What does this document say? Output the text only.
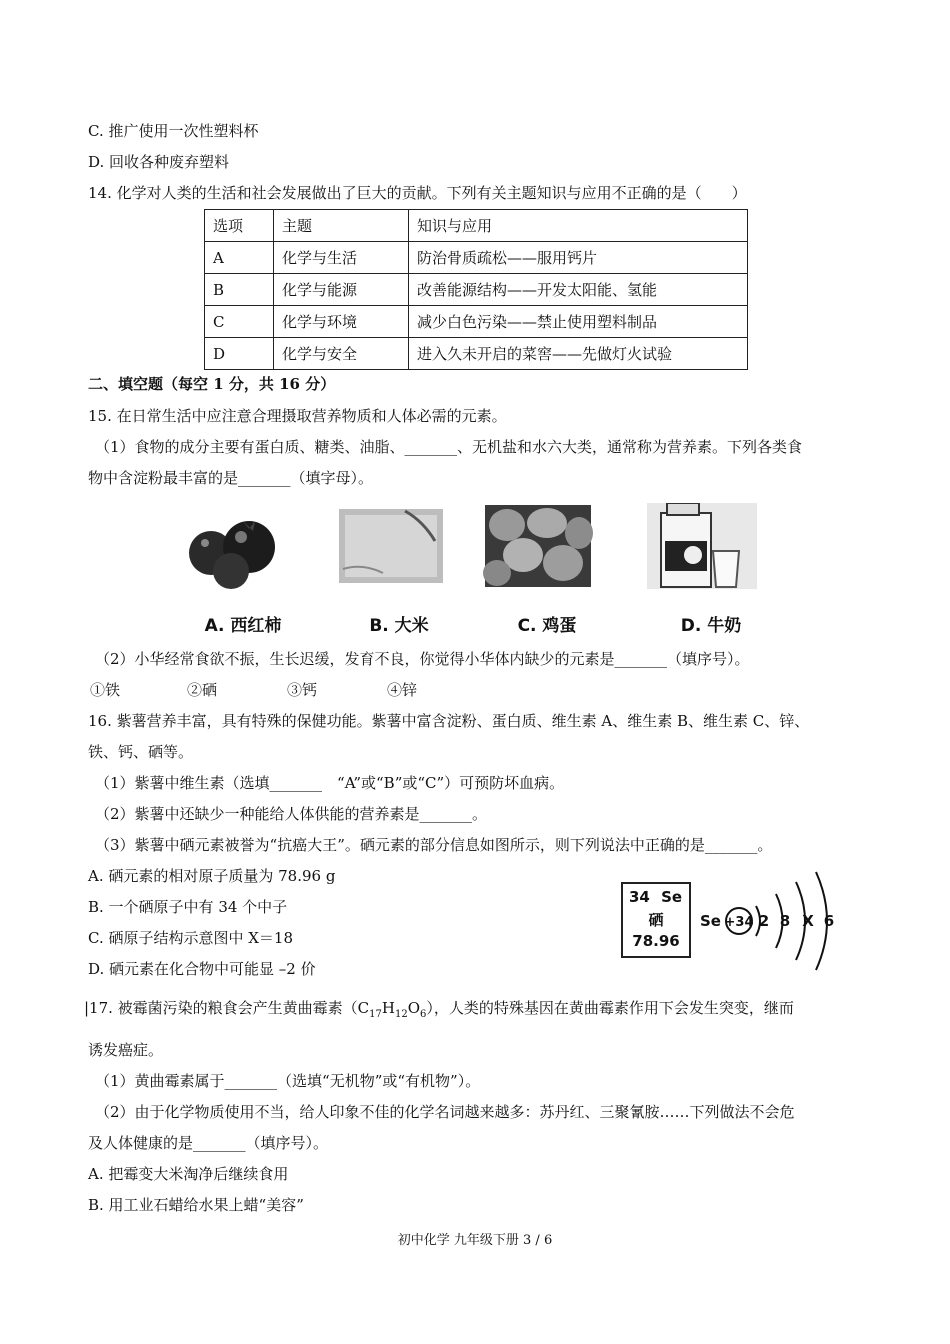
C. 推广使用一次性塑料杯
D. 回收各种废弃塑料
14. 化学对人类的生活和社会发展做出了巨大的贡献。下列有关主题知识与应用不正确的是（　　）
选项	主题	知识与应用
A	化学与生活	防治骨质疏松——服用钙片
B	化学与能源	改善能源结构——开发太阳能、氢能
C	化学与环境	减少白色污染——禁止使用塑料制品
D	化学与安全	进入久未开启的菜窖——先做灯火试验
二、填空题（每空 1 分，共 16 分）
15. 在日常生活中应注意合理摄取营养物质和人体必需的元素。
（1）食物的成分主要有蛋白质、糖类、油脂、_______、无机盐和水六大类，通常称为营养素。下列各类食
物中含淀粉最丰富的是_______（填字母）。
A. 西红柿	B. 大米	C. 鸡蛋	D. 牛奶
（2）小华经常食欲不振，生长迟缓，发育不良，你觉得小华体内缺少的元素是_______（填序号）。
①铁	②硒	③钙	④锌
16. 紫薯营养丰富，具有特殊的保健功能。紫薯中富含淀粉、蛋白质、维生素 A、维生素 B、维生素 C、锌、
铁、钙、硒等。
（1）紫薯中维生素（选填_______　“A”或“B”或“C”）可预防坏血病。
（2）紫薯中还缺少一种能给人体供能的营养素是_______。
（3）紫薯中硒元素被誉为“抗癌大王”。硒元素的部分信息如图所示，则下列说法中正确的是_______。
A. 硒元素的相对原子质量为 78.96 g
B. 一个硒原子中有 34 个中子
C. 硒原子结构示意图中 X＝18
D. 硒元素在化合物中可能显 –2 价
34 Se
硒
78.96
Se +34 2 8 X 6
|17. 被霉菌污染的粮食会产生黄曲霉素$(C_{17}H_{12}O_6)$，人类的特殊基因在黄曲霉素作用下会发生突变，继而
诱发癌症。
（1）黄曲霉素属于_______（选填“无机物”或“有机物”）。
（2）由于化学物质使用不当，给人印象不佳的化学名词越来越多：苏丹红、三聚氰胺……下列做法不会危
及人体健康的是_______（填序号）。
A. 把霉变大米淘净后继续食用
B. 用工业石蜡给水果上蜡“美容”
初中化学 九年级下册 3 / 6
